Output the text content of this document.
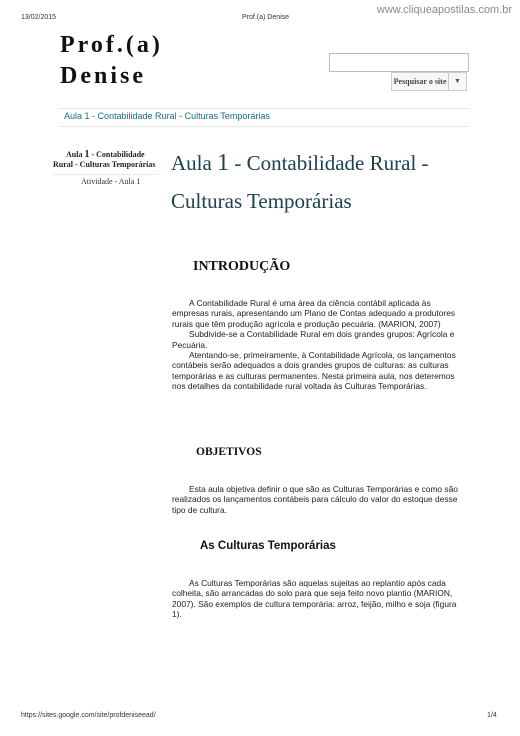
13/02/2015	Prof.(a) Denise
www.cliqueapostilas.com.br
Prof.(a)
Denise	Pesquisar o site	▼
Aula 1 - Contabilidade Rural - Culturas Temporárias
Aula 1 - Contabilidade Rural - Culturas Temporárias
Atividade - Aula 1
Aula 1 - Contabilidade Rural - Culturas Temporárias
INTRODUÇÃO

A Contabilidade Rural é uma área da ciência contábil aplicada às empresas rurais, apresentando um Plano de Contas adequado a produtores rurais que têm produção agrícola e produção pecuária. (MARION, 2007)

Subdivide-se a Contabilidade Rural em dois grandes grupos: Agrícola e Pecuária.

Atentando-se, primeiramente, à Contabilidade Agrícola, os lançamentos contábeis serão adequados a dois grandes grupos de culturas: as culturas temporárias e as culturas permanentes. Nesta primeira aula, nos deteremos nos detalhes da contabilidade rural voltada às Culturas Temporárias.

OBJETIVOS

Esta aula objetiva definir o que são as Culturas Temporárias e como são realizados os lançamentos contábeis para cálculo do valor do estoque desse tipo de cultura.

As Culturas Temporárias

As Culturas Temporárias são aquelas sujeitas ao replantio após cada colheita, são arrancadas do solo para que seja feito novo plantio (MARION, 2007). São exemplos de cultura temporária: arroz, feijão, milho e soja (figura 1).

https://sites.google.com/site/profdeniseead/	1/4
